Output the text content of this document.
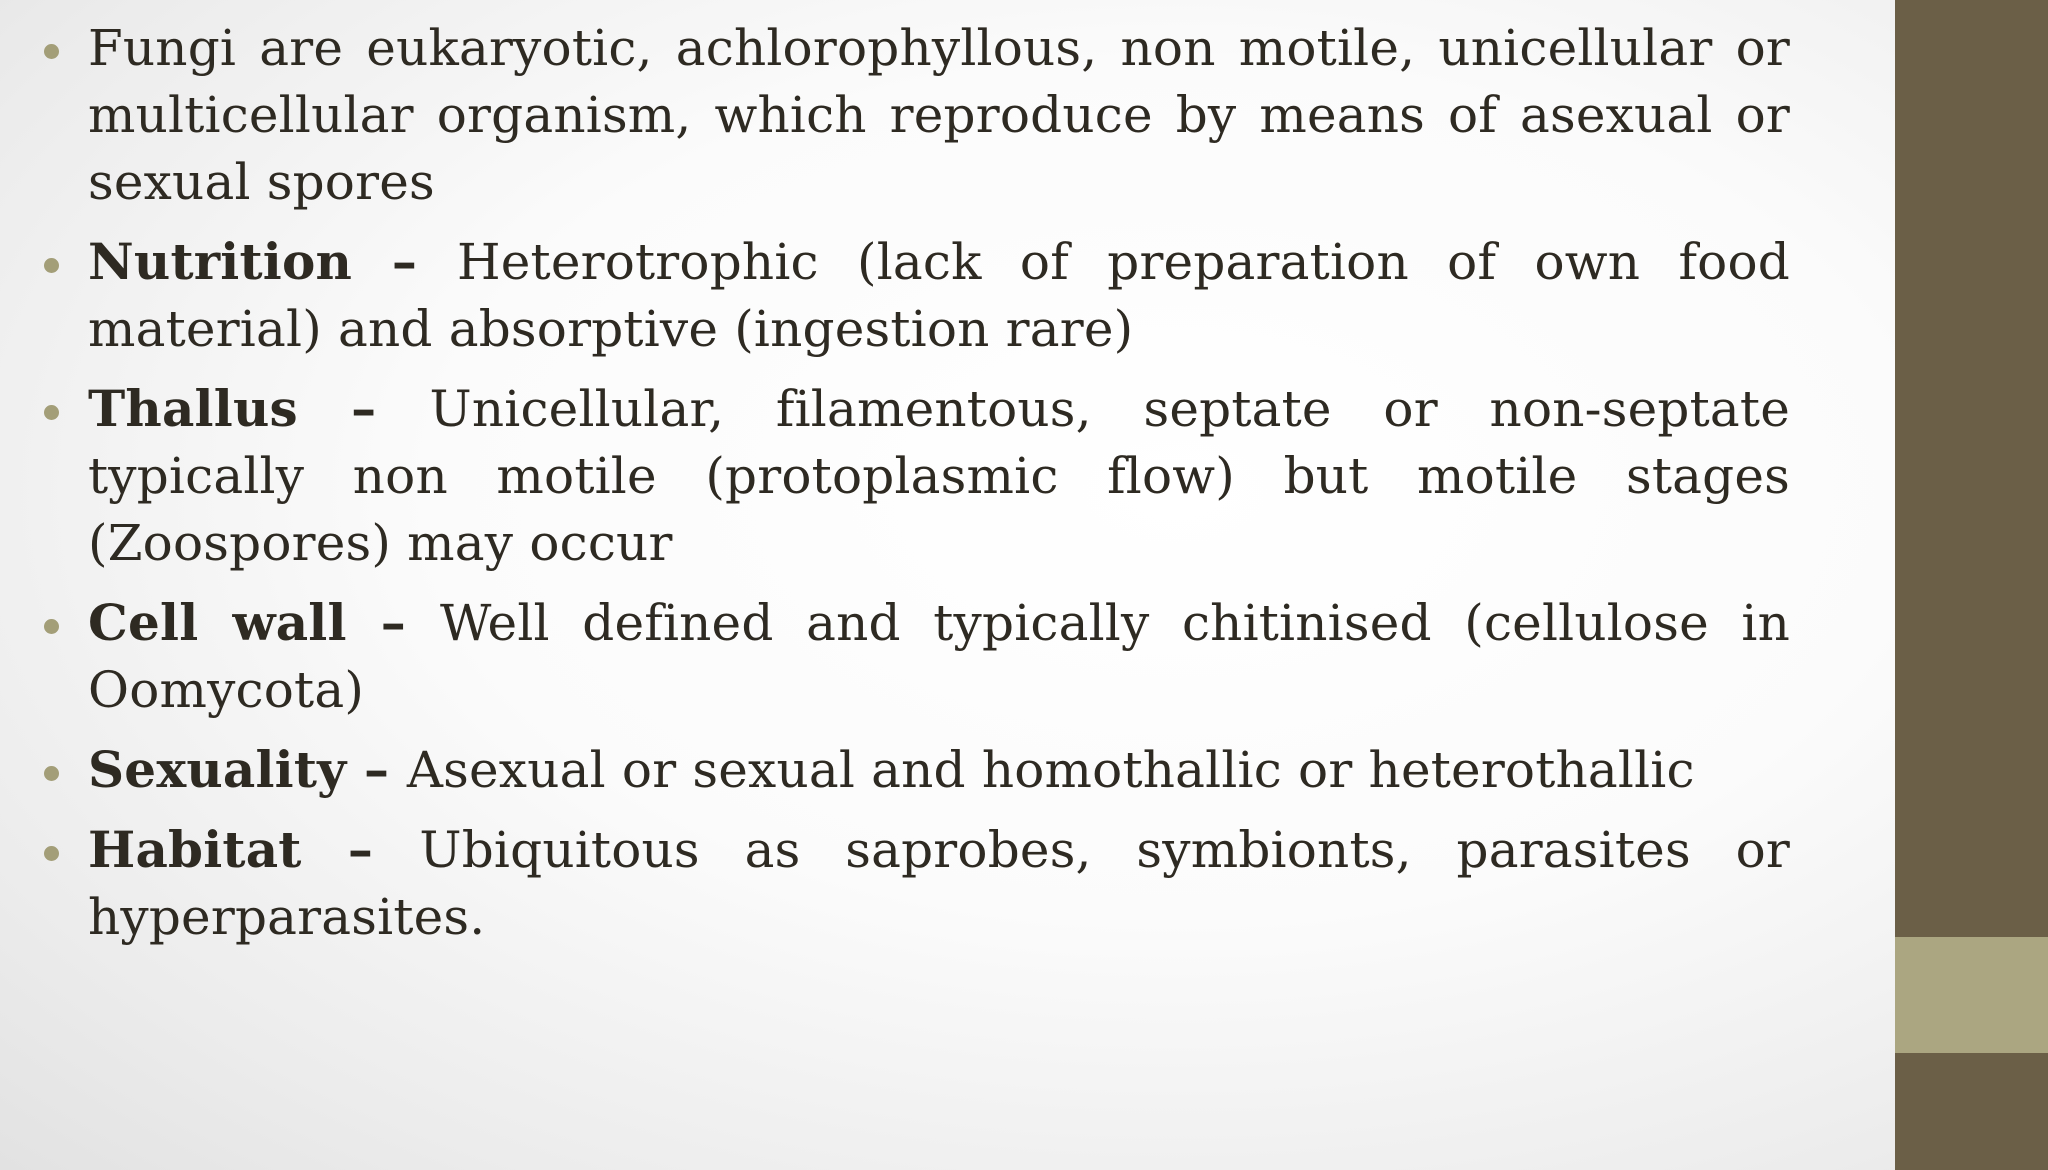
Fungi are eukaryotic, achlorophyllous, non motile, unicellular or multicellular organism, which reproduce by means of asexual or sexual spores
Nutrition – Heterotrophic (lack of preparation of own food material) and absorptive (ingestion rare)
Thallus – Unicellular, filamentous, septate or non-septate typically non motile (protoplasmic flow) but motile stages (Zoospores) may occur
Cell wall – Well defined and typically chitinised (cellulose in Oomycota)
Sexuality – Asexual or sexual and homothallic or heterothallic
Habitat – Ubiquitous as saprobes, symbionts, parasites or hyperparasites.
